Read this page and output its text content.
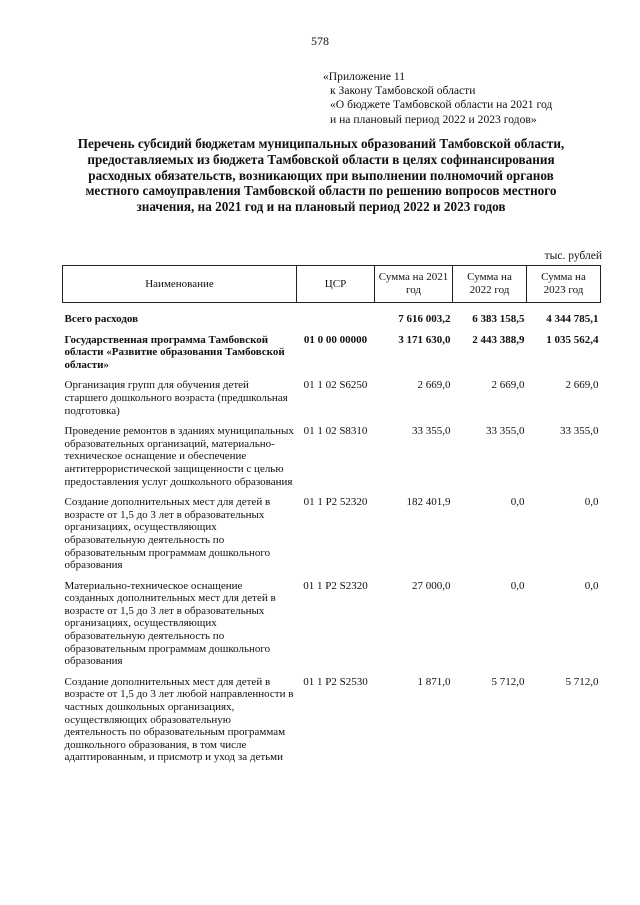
578
«Приложение 11
к Закону Тамбовской области
«О бюджете Тамбовской области на 2021 год
и на плановый период 2022 и 2023 годов»
Перечень субсидий бюджетам муниципальных образований Тамбовской области, предоставляемых из бюджета Тамбовской области в целях софинансирования расходных обязательств, возникающих при выполнении полномочий органов местного самоуправления Тамбовской области по решению вопросов местного значения, на 2021 год и на плановый период 2022 и 2023 годов
тыс. рублей
Наименование	ЦСР	Сумма на 2021 год	Сумма на 2022 год	Сумма на 2023 год
Всего расходов		7 616 003,2	6 383 158,5	4 344 785,1
Государственная программа Тамбовской области «Развитие образования Тамбовской области»	01 0 00 00000	3 171 630,0	2 443 388,9	1 035 562,4
Организация групп для обучения детей старшего дошкольного возраста (предшкольная подготовка)	01 1 02 S6250	2 669,0	2 669,0	2 669,0
Проведение ремонтов в зданиях муниципальных образовательных организаций, материально-техническое оснащение и обеспечение антитеррористической защищенности с целью предоставления услуг дошкольного образования	01 1 02 S8310	33 355,0	33 355,0	33 355,0
Создание дополнительных мест для детей в возрасте от 1,5 до 3 лет в образовательных организациях, осуществляющих образовательную деятельность по образовательным программам дошкольного образования	01 1 P2 52320	182 401,9	0,0	0,0
Материально-техническое оснащение созданных дополнительных мест для детей в возрасте от 1,5 до 3 лет в образовательных организациях, осуществляющих образовательную деятельность по образовательным программам дошкольного образования	01 1 P2 S2320	27 000,0	0,0	0,0
Создание дополнительных мест для детей в возрасте от 1,5 до 3 лет любой направленности в частных дошкольных организациях, осуществляющих образовательную деятельность по образовательным программам дошкольного образования, в том числе адаптированным, и присмотр и уход за детьми	01 1 P2 S2530	1 871,0	5 712,0	5 712,0
